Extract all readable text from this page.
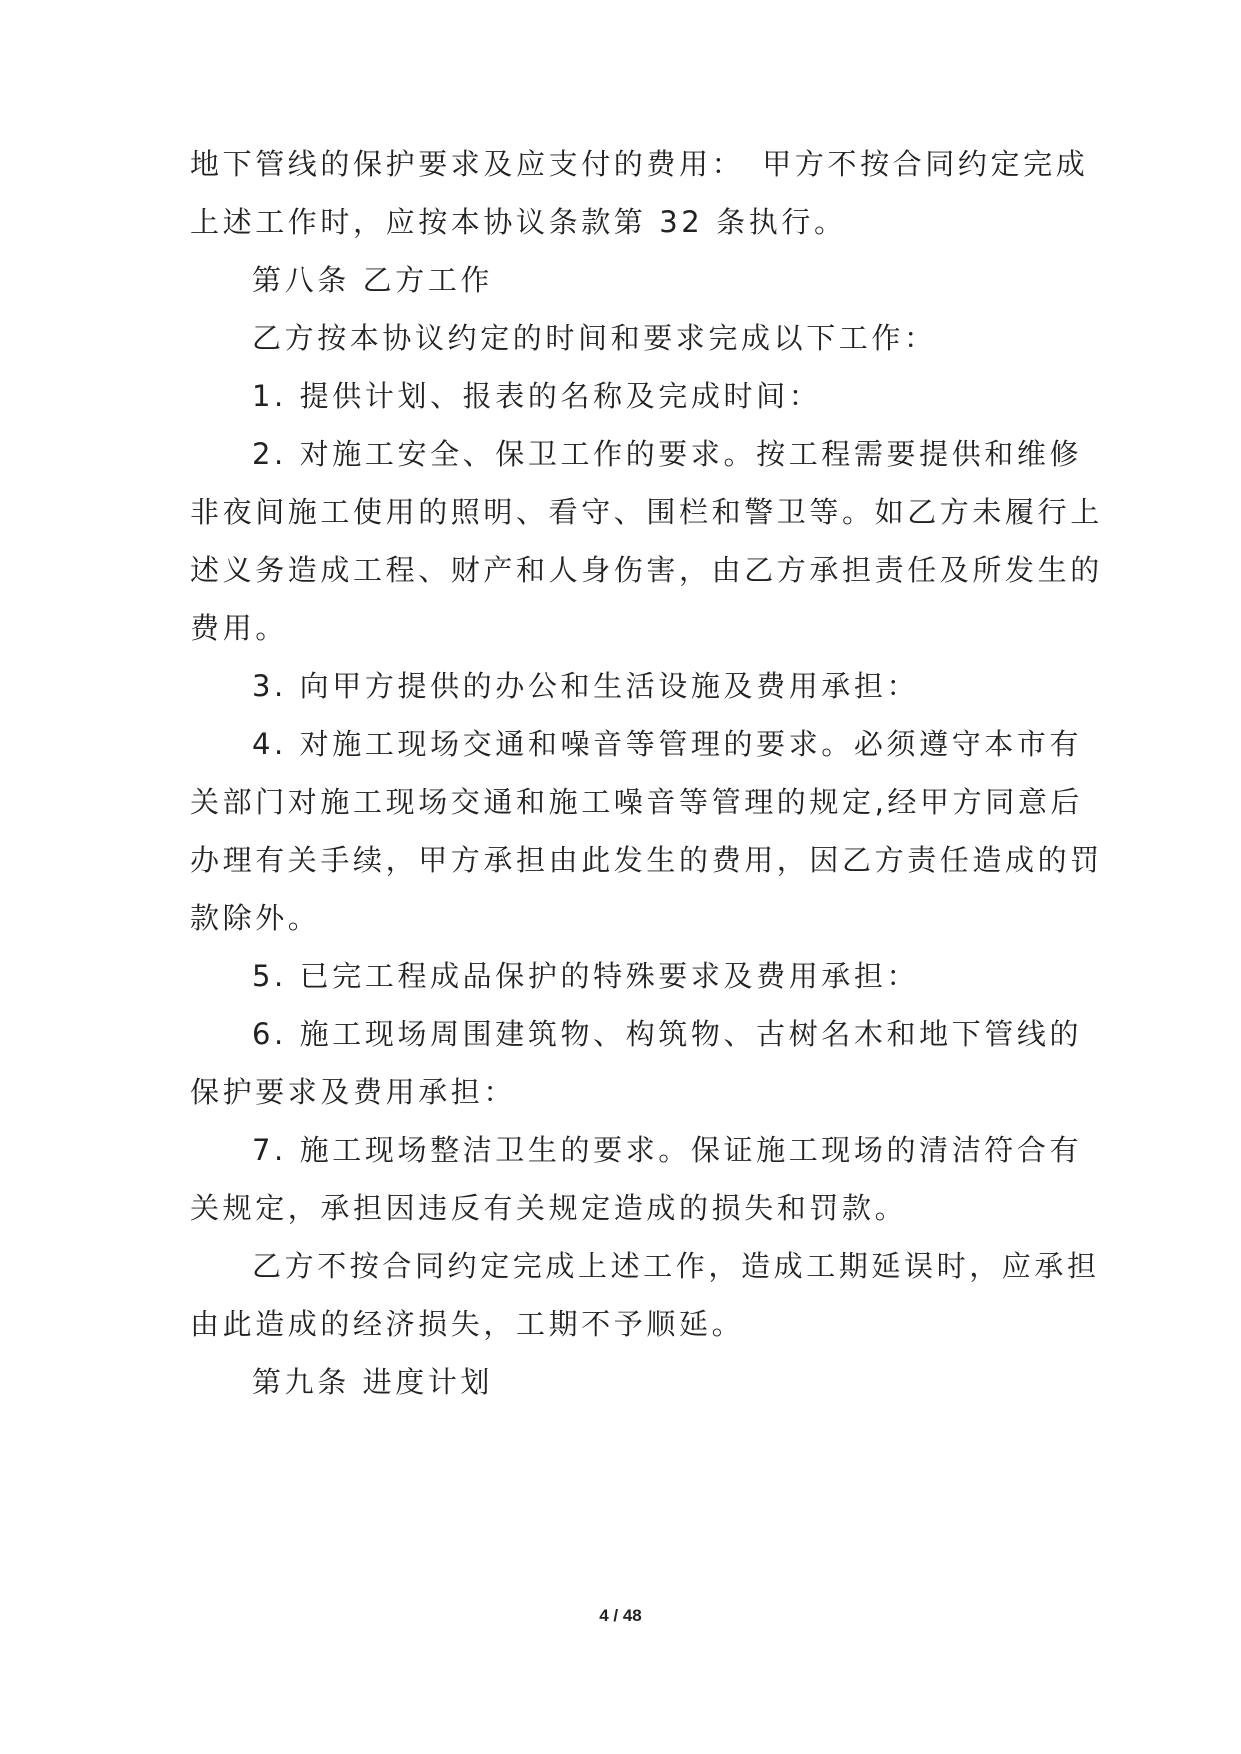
地下管线的保护要求及应支付的费用：　甲方不按合同约定完成
上述工作时，应按本协议条款第 32 条执行。
第八条 乙方工作
乙方按本协议约定的时间和要求完成以下工作：
1. 提供计划、报表的名称及完成时间：
2. 对施工安全、保卫工作的要求。按工程需要提供和维修
非夜间施工使用的照明、看守、围栏和警卫等。如乙方未履行上
述义务造成工程、财产和人身伤害，由乙方承担责任及所发生的
费用。
3. 向甲方提供的办公和生活设施及费用承担：
4. 对施工现场交通和噪音等管理的要求。必须遵守本市有
关部门对施工现场交通和施工噪音等管理的规定,经甲方同意后
办理有关手续，甲方承担由此发生的费用，因乙方责任造成的罚
款除外。
5. 已完工程成品保护的特殊要求及费用承担：
6. 施工现场周围建筑物、构筑物、古树名木和地下管线的
保护要求及费用承担：
7. 施工现场整洁卫生的要求。保证施工现场的清洁符合有
关规定，承担因违反有关规定造成的损失和罚款。
乙方不按合同约定完成上述工作，造成工期延误时，应承担
由此造成的经济损失，工期不予顺延。
第九条 进度计划
4 / 48
